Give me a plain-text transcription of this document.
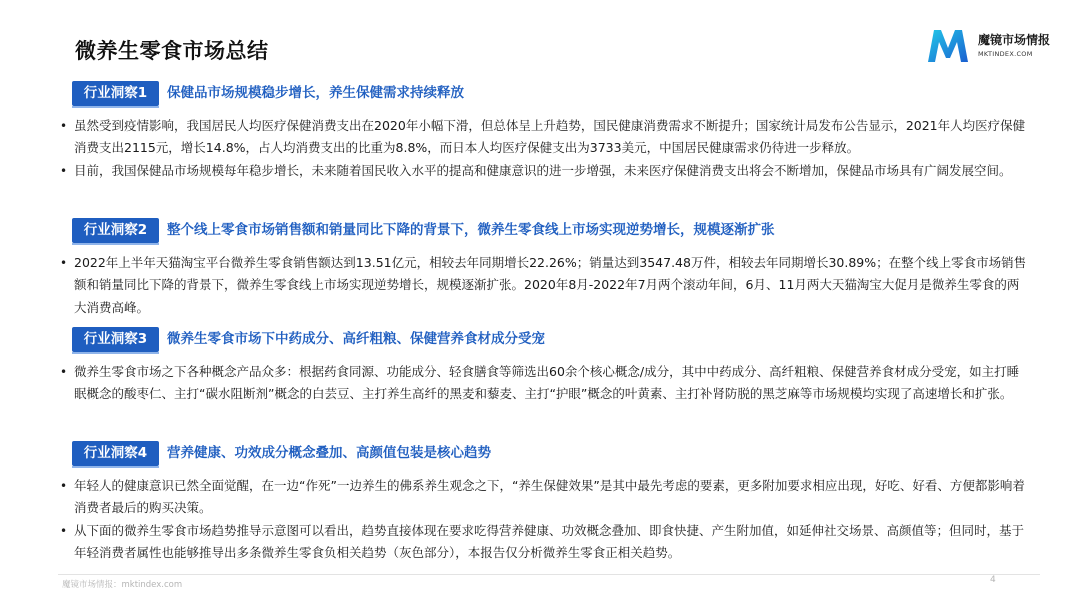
微养生零食市场总结	魔镜市场情报
MKTINDEX.COM
行业洞察1	保健品市场规模稳步增长，养生保健需求持续释放
• 虽然受到疫情影响，我国居民人均医疗保健消费支出在2020年小幅下滑，但总体呈上升趋势，国民健康消费需求不断提升；国家统计局发布公告显示，2021年人均医疗保健消费支出2115元，增长14.8%，占人均消费支出的比重为8.8%，而日本人均医疗保健支出为3733美元，中国居民健康需求仍待进一步释放。
• 目前，我国保健品市场规模每年稳步增长，未来随着国民收入水平的提高和健康意识的进一步增强，未来医疗保健消费支出将会不断增加，保健品市场具有广阔发展空间。
行业洞察2	整个线上零食市场销售额和销量同比下降的背景下，微养生零食线上市场实现逆势增长，规模逐渐扩张
• 2022年上半年天猫淘宝平台微养生零食销售额达到13.51亿元，相较去年同期增长22.26%；销量达到3547.48万件，相较去年同期增长30.89%；在整个线上零食市场销售额和销量同比下降的背景下，微养生零食线上市场实现逆势增长，规模逐渐扩张。2020年8月-2022年7月两个滚动年间，6月、11月两大天猫淘宝大促月是微养生零食的两大消费高峰。
行业洞察3	微养生零食市场下中药成分、高纤粗粮、保健营养食材成分受宠
• 微养生零食市场之下各种概念产品众多：根据药食同源、功能成分、轻食膳食等筛选出60余个核心概念/成分，其中中药成分、高纤粗粮、保健营养食材成分受宠，如主打睡眠概念的酸枣仁、主打“碳水阻断剂”概念的白芸豆、主打养生高纤的黑麦和藜麦、主打“护眼”概念的叶黄素、主打补肾防脱的黑芝麻等市场规模均实现了高速增长和扩张。
行业洞察4	营养健康、功效成分概念叠加、高颜值包装是核心趋势
• 年轻人的健康意识已然全面觉醒，在一边“作死”一边养生的佛系养生观念之下，“养生保健效果”是其中最先考虑的要素，更多附加要求相应出现，好吃、好看、方便都影响着消费者最后的购买决策。
• 从下面的微养生零食市场趋势推导示意图可以看出，趋势直接体现在要求吃得营养健康、功效概念叠加、即食快捷、产生附加值，如延伸社交场景、高颜值等；但同时，基于年轻消费者属性也能够推导出多条微养生零食负相关趋势（灰色部分），本报告仅分析微养生零食正相关趋势。
魔镜市场情报：mktindex.com	4
